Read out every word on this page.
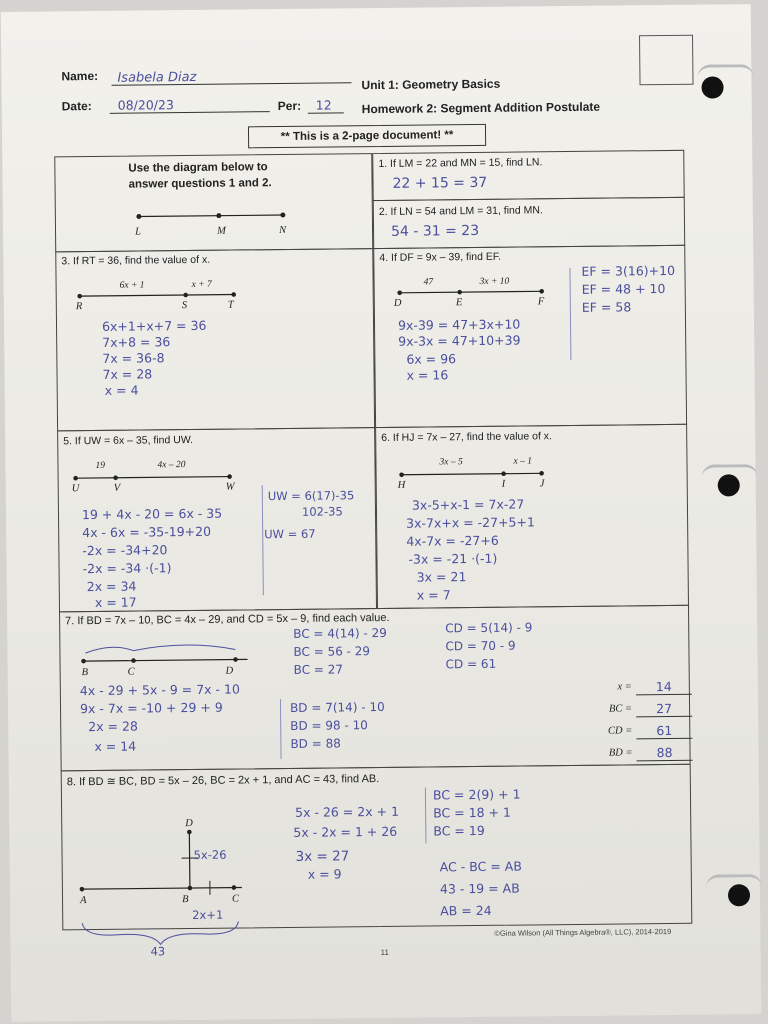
Name:	Isabela Diaz
Date:	08/20/23	Per:	12
Unit 1: Geometry Basics
Homework 2: Segment Addition Postulate
** This is a 2-page document! **
Use the diagram below to
answer questions 1 and 2.
L	M	N
1. If LM = 22 and MN = 15, find LN.
22 + 15 = 37
2. If LN = 54 and LM = 31, find MN.
54 - 31 = 23
3. If RT = 36, find the value of x.
6x + 1	x + 7
R	S	T
6x+1+x+7 = 36
7x+8 = 36
7x = 36-8
7x = 28
x = 4
4. If DF = 9x – 39, find EF.
47	3x + 10
D	E	F
9x-39 = 47+3x+10
9x-3x = 47+10+39
6x = 96
x = 16
EF = 3(16)+10
EF = 48 + 10
EF = 58
5. If UW = 6x – 35, find UW.
19	4x – 20
U	V	W
19 + 4x - 20 = 6x - 35
4x - 6x = -35-19+20
-2x = -34+20
-2x = -34 ·(-1)
2x = 34
x = 17
UW = 6(17)-35
102-35
UW = 67
6. If HJ = 7x – 27, find the value of x.
3x – 5	x – 1
H	I	J
3x-5+x-1 = 7x-27
3x-7x+x = -27+5+1
4x-7x = -27+6
-3x = -21 ·(-1)
3x = 21
x = 7
7. If BD = 7x – 10, BC = 4x – 29, and CD = 5x – 9, find each value.
B	C	D
4x - 29 + 5x - 9 = 7x - 10
9x - 7x = -10 + 29 + 9
2x = 28
x = 14
BC = 4(14) - 29
BC = 56 - 29
BC = 27
CD = 5(14) - 9
CD = 70 - 9
CD = 61
BD = 7(14) - 10
BD = 98 - 10
BD = 88
x =	14
BC =	27
CD =	61
BD =	88
8. If BD ≅ BC, BD = 5x – 26, BC = 2x + 1, and AC = 43, find AB.
D
A	B	C
5x-26
2x+1
43
5x - 26 = 2x + 1
5x - 2x = 1 + 26
3x = 27
x = 9
BC = 2(9) + 1
BC = 18 + 1
BC = 19
AC - BC = AB
43 - 19 = AB
AB = 24
©Gina Wilson (All Things Algebra®, LLC), 2014-2019
11
